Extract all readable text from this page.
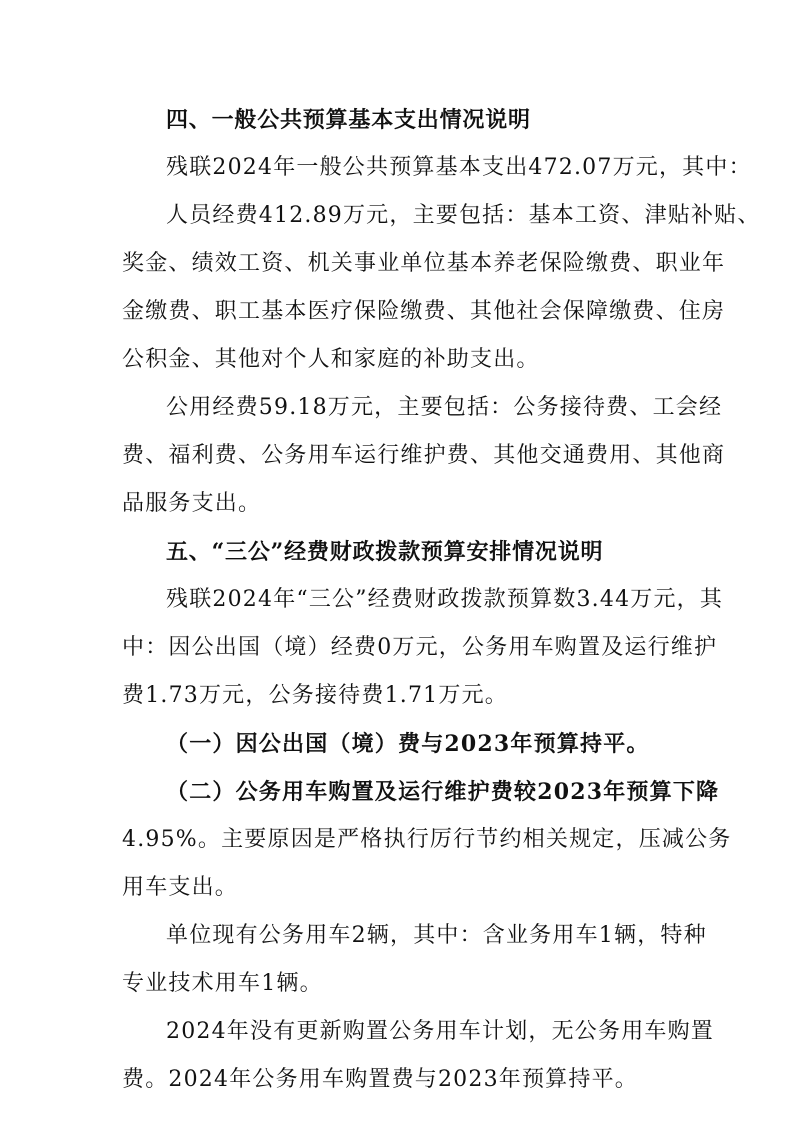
四、一般公共预算基本支出情况说明
残联2024年一般公共预算基本支出472.07万元，其中：
人员经费412.89万元，主要包括：基本工资、津贴补贴、
奖金、绩效工资、机关事业单位基本养老保险缴费、职业年
金缴费、职工基本医疗保险缴费、其他社会保障缴费、住房
公积金、其他对个人和家庭的补助支出。
公用经费59.18万元，主要包括：公务接待费、工会经
费、福利费、公务用车运行维护费、其他交通费用、其他商
品服务支出。
五、“三公”经费财政拨款预算安排情况说明
残联2024年“三公”经费财政拨款预算数3.44万元，其
中：因公出国（境）经费0万元，公务用车购置及运行维护
费1.73万元，公务接待费1.71万元。
（一）因公出国（境）费与2023年预算持平。
（二）公务用车购置及运行维护费较2023年预算下降
4.95%。主要原因是严格执行厉行节约相关规定，压减公务
用车支出。
单位现有公务用车2辆，其中：含业务用车1辆，特种
专业技术用车1辆。
2024年没有更新购置公务用车计划，无公务用车购置
费。2024年公务用车购置费与2023年预算持平。
